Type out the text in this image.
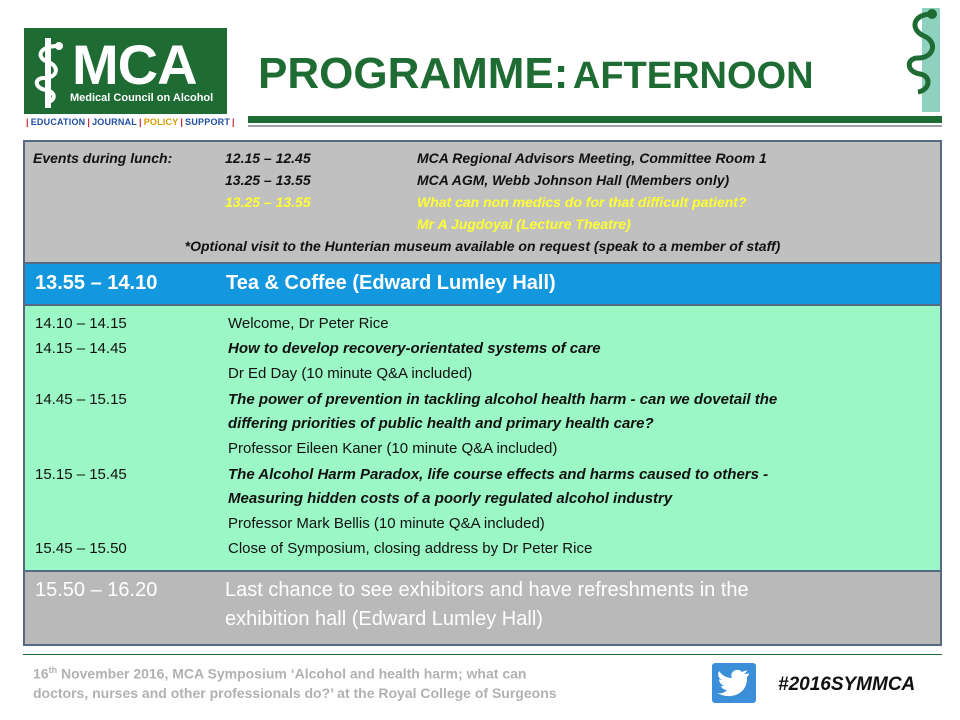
MCA
Medical Council on Alcohol
| EDUCATION | JOURNAL | POLICY | SUPPORT |
PROGRAMME: AFTERNOON
Events during lunch:	12.15 – 12.45	MCA Regional Advisors Meeting, Committee Room 1
13.25 – 13.55	MCA AGM, Webb Johnson Hall (Members only)
13.25 – 13.55	What can non medics do for that difficult patient?
Mr A Jugdoyal (Lecture Theatre)
*Optional visit to the Hunterian museum available on request (speak to a member of staff)
13.55 – 14.10	Tea & Coffee (Edward Lumley Hall)
14.10 – 14.15	Welcome, Dr Peter Rice
14.15 – 14.45	How to develop recovery-orientated systems of care
Dr Ed Day (10 minute Q&A included)
14.45 – 15.15	The power of prevention in tackling alcohol health harm - can we dovetail the
differing priorities of public health and primary health care?
Professor Eileen Kaner (10 minute Q&A included)
15.15 – 15.45	The Alcohol Harm Paradox, life course effects and harms caused to others -
Measuring hidden costs of a poorly regulated alcohol industry
Professor Mark Bellis (10 minute Q&A included)
15.45 – 15.50	Close of Symposium, closing address by Dr Peter Rice
15.50 – 16.20	Last chance to see exhibitors and have refreshments in the
exhibition hall (Edward Lumley Hall)
16th November 2016, MCA Symposium ‘Alcohol and health harm; what can
doctors, nurses and other professionals do?’ at the Royal College of Surgeons	#2016SYMMCA
